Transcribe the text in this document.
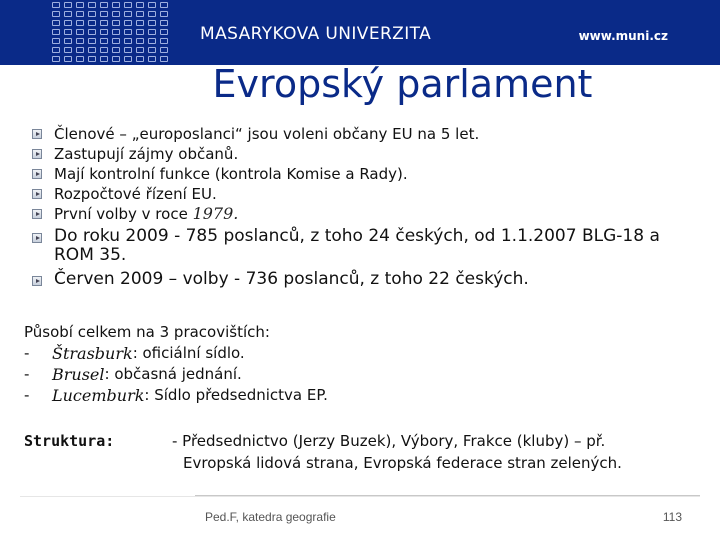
MASARYKOVA UNIVERZITA	www.muni.cz
Evropský parlament
Členové – „europoslanci“ jsou voleni občany EU na 5 let.
Zastupují zájmy občanů.
Mají kontrolní funkce (kontrola Komise a Rady).
Rozpočtové řízení EU.
První volby v roce 1979.
Do roku 2009 - 785 poslanců, z toho 24 českých, od 1.1.2007 BLG-18 a ROM 35.
Červen 2009 – volby - 736 poslanců, z toho 22 českých.
Působí celkem na 3 pracovištích:
-	Štrasburk : oficiální sídlo.
-	Brusel : občasná jednání.
-	Lucemburk : Sídlo předsednictva EP.
Struktura:	- Předsednictvo (Jerzy Buzek), Výbory, Frakce (kluby) – př.
Evropská lidová strana, Evropská federace stran zelených.
Ped.F, katedra geografie	113
